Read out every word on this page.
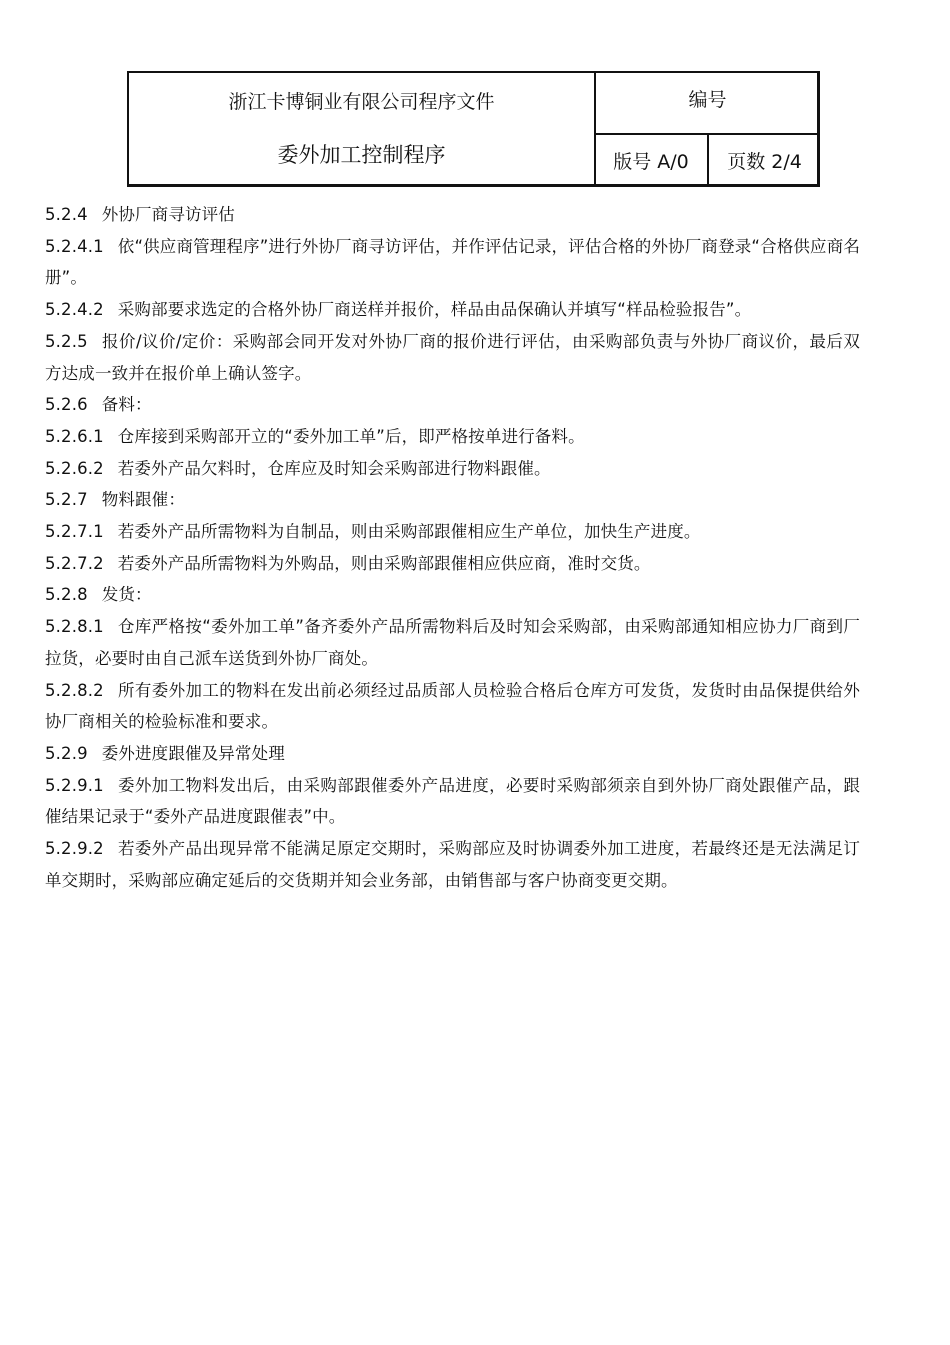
浙江卡博铜业有限公司程序文件
委外加工控制程序
编号
版号 A/0	页数 2/4

5.2.4 外协厂商寻访评估

5.2.4.1 依“供应商管理程序”进行外协厂商寻访评估，并作评估记录，评估合格的外协厂商登录“合格供应商名册”。

5.2.4.2 采购部要求选定的合格外协厂商送样并报价，样品由品保确认并填写“样品检验报告”。

5.2.5 报价/议价/定价：采购部会同开发对外协厂商的报价进行评估，由采购部负责与外协厂商议价，最后双方达成一致并在报价单上确认签字。

5.2.6 备料：

5.2.6.1 仓库接到采购部开立的“委外加工单”后，即严格按单进行备料。

5.2.6.2 若委外产品欠料时，仓库应及时知会采购部进行物料跟催。

5.2.7 物料跟催：

5.2.7.1 若委外产品所需物料为自制品，则由采购部跟催相应生产单位，加快生产进度。

5.2.7.2 若委外产品所需物料为外购品，则由采购部跟催相应供应商，准时交货。

5.2.8 发货：

5.2.8.1 仓库严格按“委外加工单”备齐委外产品所需物料后及时知会采购部，由采购部通知相应协力厂商到厂拉货，必要时由自己派车送货到外协厂商处。

5.2.8.2 所有委外加工的物料在发出前必须经过品质部人员检验合格后仓库方可发货，发货时由品保提供给外协厂商相关的检验标准和要求。

5.2.9 委外进度跟催及异常处理

5.2.9.1 委外加工物料发出后，由采购部跟催委外产品进度，必要时采购部须亲自到外协厂商处跟催产品，跟催结果记录于“委外产品进度跟催表”中。

5.2.9.2 若委外产品出现异常不能满足原定交期时，采购部应及时协调委外加工进度，若最终还是无法满足订单交期时，采购部应确定延后的交货期并知会业务部，由销售部与客户协商变更交期。
